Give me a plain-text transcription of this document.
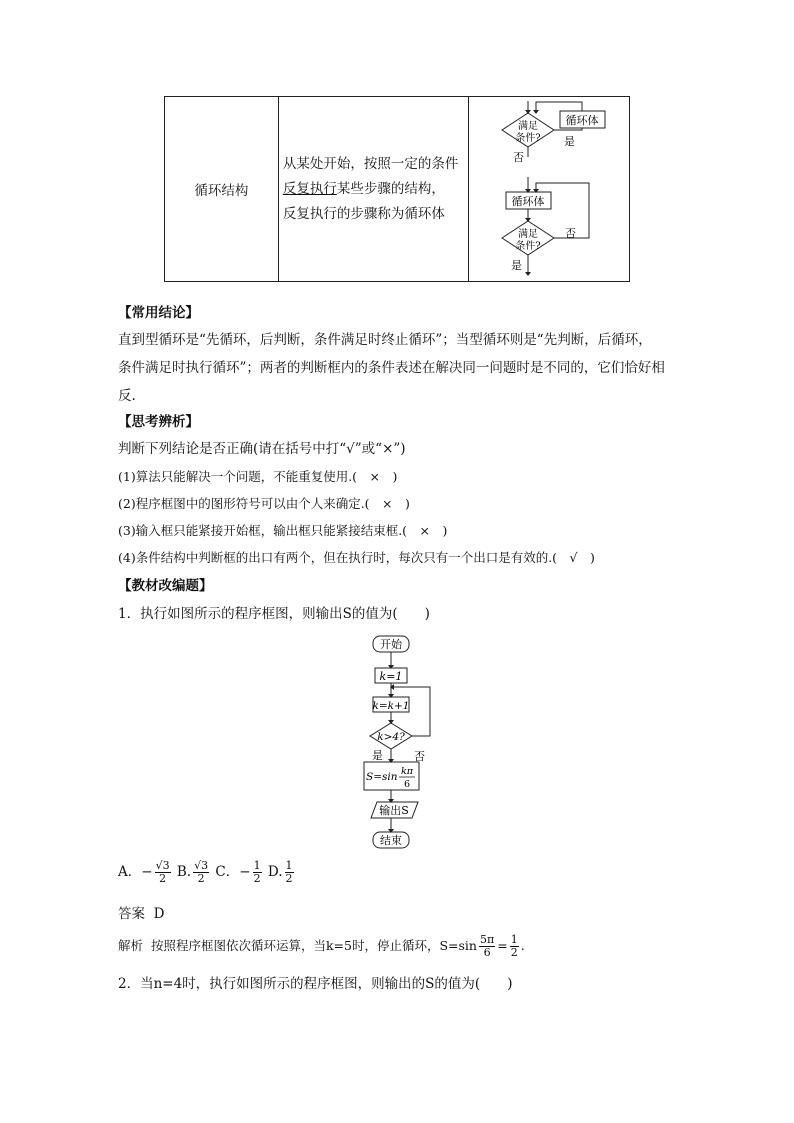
循环结构	从某处开始，按照一定的条件
反复执行某些步骤的结构，
反复执行的步骤称为循环体	
循环体
满足
条件? 是
否
循环体
满足
条件?
否
是
【常用结论】
直到型循环是“先循环，后判断，条件满足时终止循环”；当型循环则是“先判断，后循环，
条件满足时执行循环”；两者的判断框内的条件表述在解决同一问题时是不同的，它们恰好相
反.
【思考辨析】
判断下列结论是否正确(请在括号中打“√”或“×”)
(1)算法只能解决一个问题，不能重复使用.(　×　)
(2)程序框图中的图形符号可以由个人来确定.(　×　)
(3)输入框只能紧接开始框，输出框只能紧接结束框.(　×　)
(4)条件结构中判断框的出口有两个，但在执行时，每次只有一个出口是有效的.(　√　)
【教材改编题】
1．执行如图所示的程序框图，则输出S的值为(　　)
开始
k=1
k=k+1
k>4?
否
是
S=sin kπ
6
输出S
结束
A．− $\frac{√3}{2} B$. $\frac{√3}{2}$ C．− $\frac{1}{2} D$. $\frac{1}{2}$
答案 D
解析 按照程序框图依次循环运算，当k=5时，停止循环，$S=\sin \frac{5\pi}{6} = \frac{1}{2}$ .
2．当n=4时，执行如图所示的程序框图，则输出的S的值为(　　)
